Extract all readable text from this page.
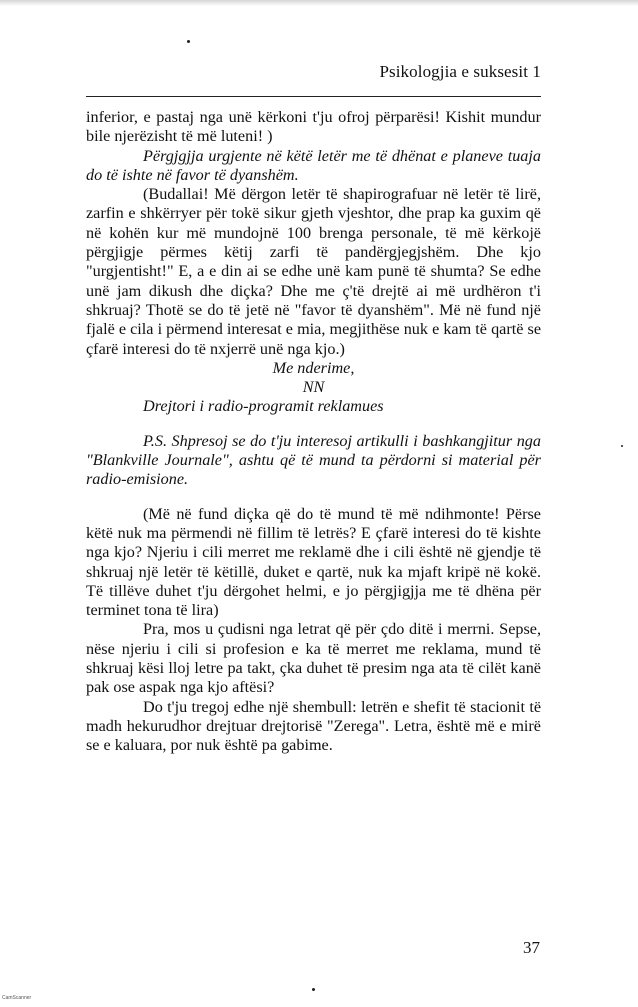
Psikologjia e suksesit 1

inferior, e pastaj nga unë kërkoni t'ju ofroj përparësi! Kishit mundur bile njerëzisht të më luteni! )

Përgjgjja urgjente në këtë letër me të dhënat e planeve tuaja do të ishte në favor të dyanshëm.

(Budallai! Më dërgon letër të shapirografuar në letër të lirë, zarfin e shkërryer për tokë sikur gjeth vjeshtor, dhe prap ka guxim që në kohën kur më mundojnë 100 brenga personale, të më kërkojë përgjigje përmes këtij zarfi të pandërgjegjshëm. Dhe kjo "urgjentisht!" E, a e din ai se edhe unë kam punë të shumta? Se edhe unë jam dikush dhe diçka? Dhe me ç'të drejtë ai më urdhëron t'i shkruaj? Thotë se do të jetë në "favor të dyanshëm". Më në fund një fjalë e cila i përmend interesat e mia, megjithëse nuk e kam të qartë se çfarë interesi do të nxjerrë unë nga kjo.)

Me nderime,

NN

Drejtori i radio-programit reklamues

P.S. Shpresoj se do t'ju interesoj artikulli i bashkangjitur nga "Blankville Journale", ashtu që të mund ta përdorni si material për radio-emisione.

(Më në fund diçka që do të mund të më ndihmonte! Përse këtë nuk ma përmendi në fillim të letrës? E çfarë interesi do të kishte nga kjo? Njeriu i cili merret me reklamë dhe i cili është në gjendje të shkruaj një letër të këtillë, duket e qartë, nuk ka mjaft kripë në kokë. Të tillëve duhet t'ju dërgohet helmi, e jo përgjigjja me të dhëna për terminet tona të lira)

Pra, mos u çudisni nga letrat që për çdo ditë i merrni. Sepse, nëse njeriu i cili si profesion e ka të merret me reklama, mund të shkruaj kësi lloj letre pa takt, çka duhet të presim nga ata të cilët kanë pak ose aspak nga kjo aftësi?

Do t'ju tregoj edhe një shembull: letrën e shefit të stacionit të madh hekurudhor drejtuar drejtorisë "Zerega". Letra, është më e mirë se e kaluara, por nuk është pa gabime.

37
CamScanner
